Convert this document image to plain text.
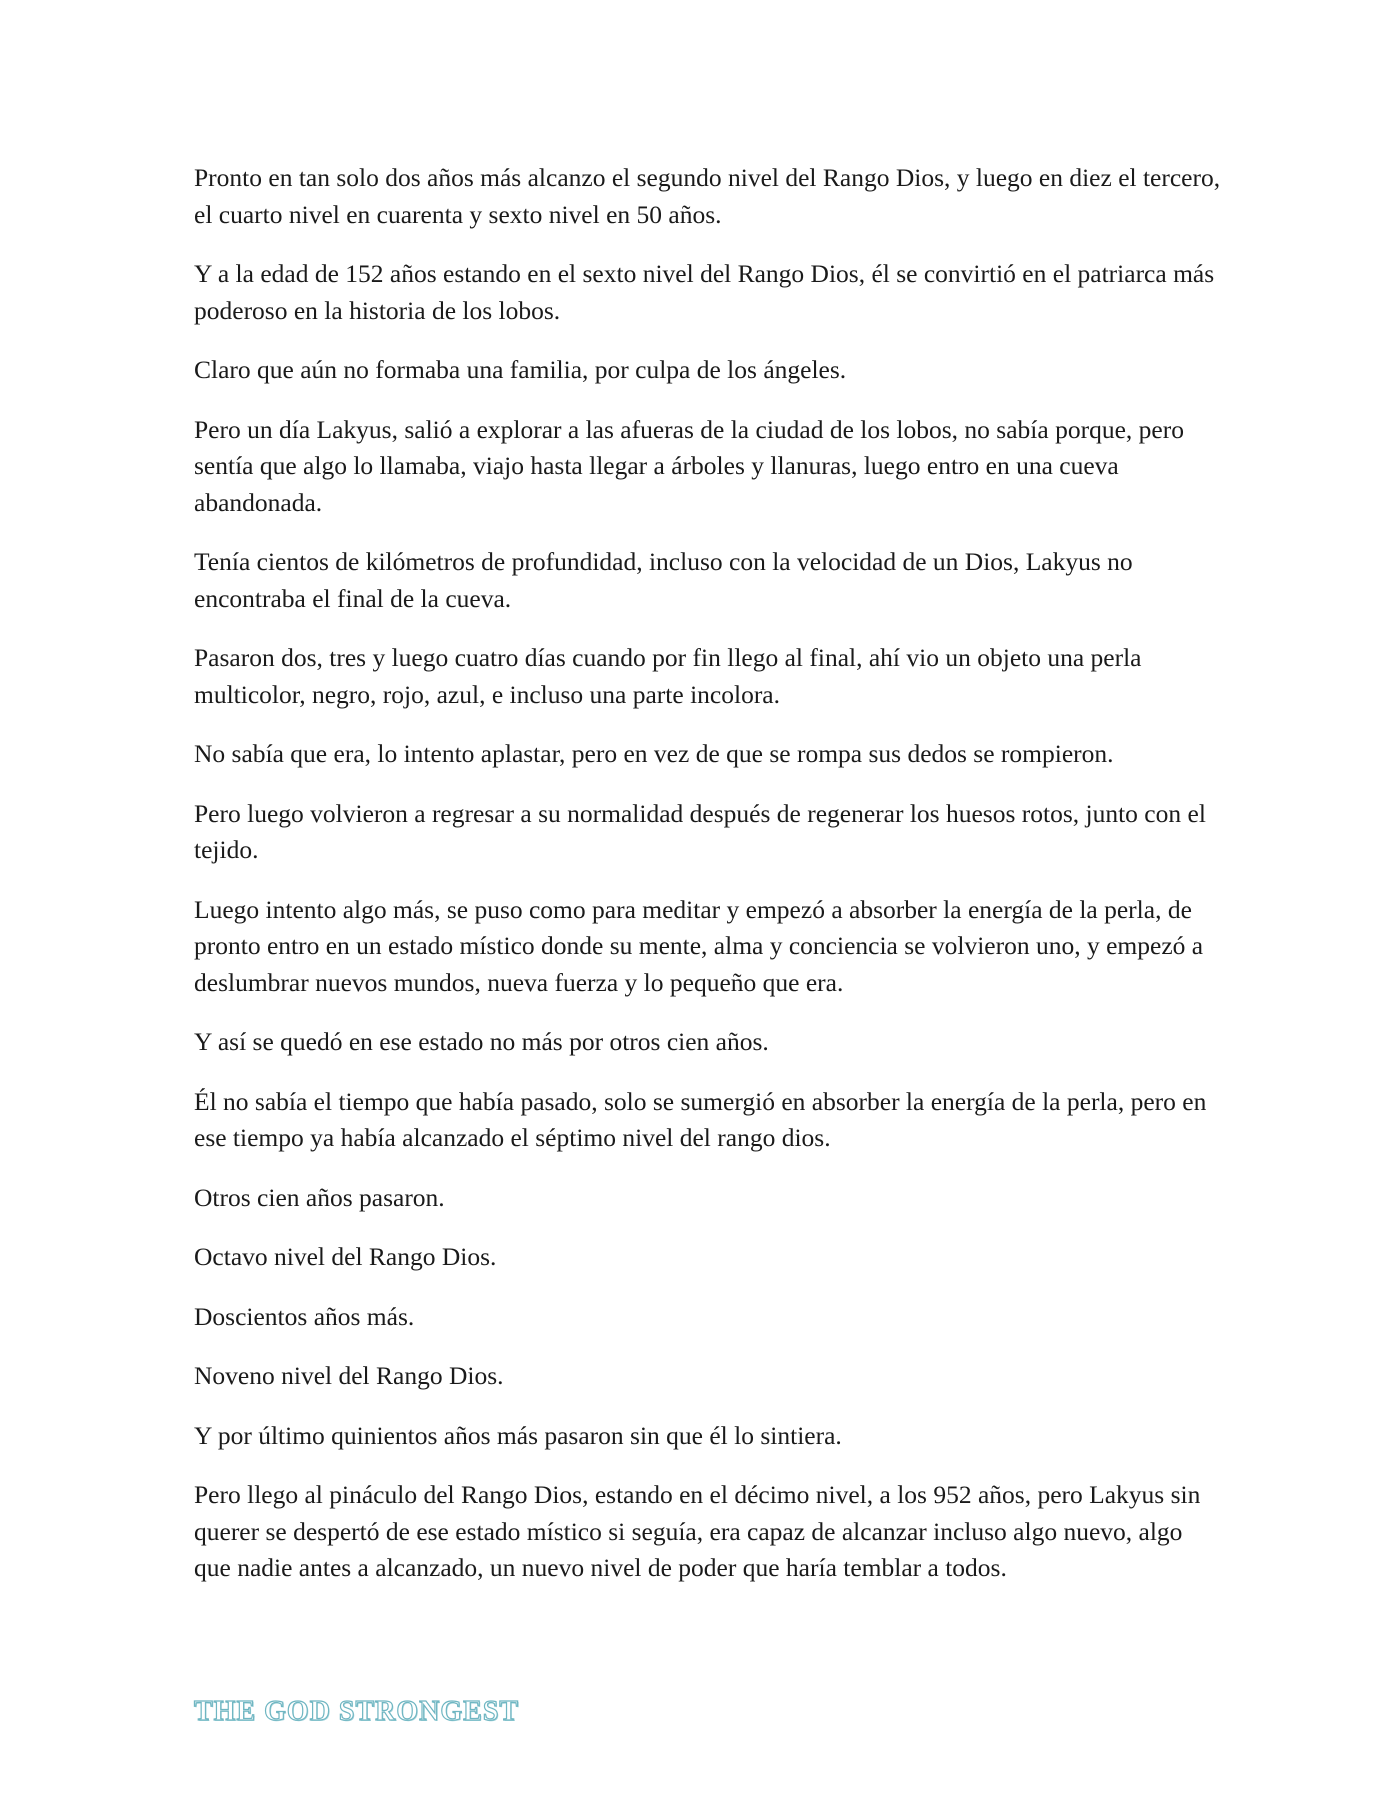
Pronto en tan solo dos años más alcanzo el segundo nivel del Rango Dios, y luego en diez el tercero, el cuarto nivel en cuarenta y sexto nivel en 50 años.

Y a la edad de 152 años estando en el sexto nivel del Rango Dios, él se convirtió en el patriarca más poderoso en la historia de los lobos.

Claro que aún no formaba una familia, por culpa de los ángeles.

Pero un día Lakyus, salió a explorar a las afueras de la ciudad de los lobos, no sabía porque, pero sentía que algo lo llamaba, viajo hasta llegar a árboles y llanuras, luego entro en una cueva abandonada.

Tenía cientos de kilómetros de profundidad, incluso con la velocidad de un Dios, Lakyus no encontraba el final de la cueva.

Pasaron dos, tres y luego cuatro días cuando por fin llego al final, ahí vio un objeto una perla multicolor, negro, rojo, azul, e incluso una parte incolora.

No sabía que era, lo intento aplastar, pero en vez de que se rompa sus dedos se rompieron.

Pero luego volvieron a regresar a su normalidad después de regenerar los huesos rotos, junto con el tejido.

Luego intento algo más, se puso como para meditar y empezó a absorber la energía de la perla, de pronto entro en un estado místico donde su mente, alma y conciencia se volvieron uno, y empezó a deslumbrar nuevos mundos, nueva fuerza y lo pequeño que era.

Y así se quedó en ese estado no más por otros cien años.

Él no sabía el tiempo que había pasado, solo se sumergió en absorber la energía de la perla, pero en ese tiempo ya había alcanzado el séptimo nivel del rango dios.

Otros cien años pasaron.

Octavo nivel del Rango Dios.

Doscientos años más.

Noveno nivel del Rango Dios.

Y por último quinientos años más pasaron sin que él lo sintiera.

Pero llego al pináculo del Rango Dios, estando en el décimo nivel, a los 952 años, pero Lakyus sin querer se despertó de ese estado místico si seguía, era capaz de alcanzar incluso algo nuevo, algo que nadie antes a alcanzado, un nuevo nivel de poder que haría temblar a todos.

THE GOD STRONGEST
